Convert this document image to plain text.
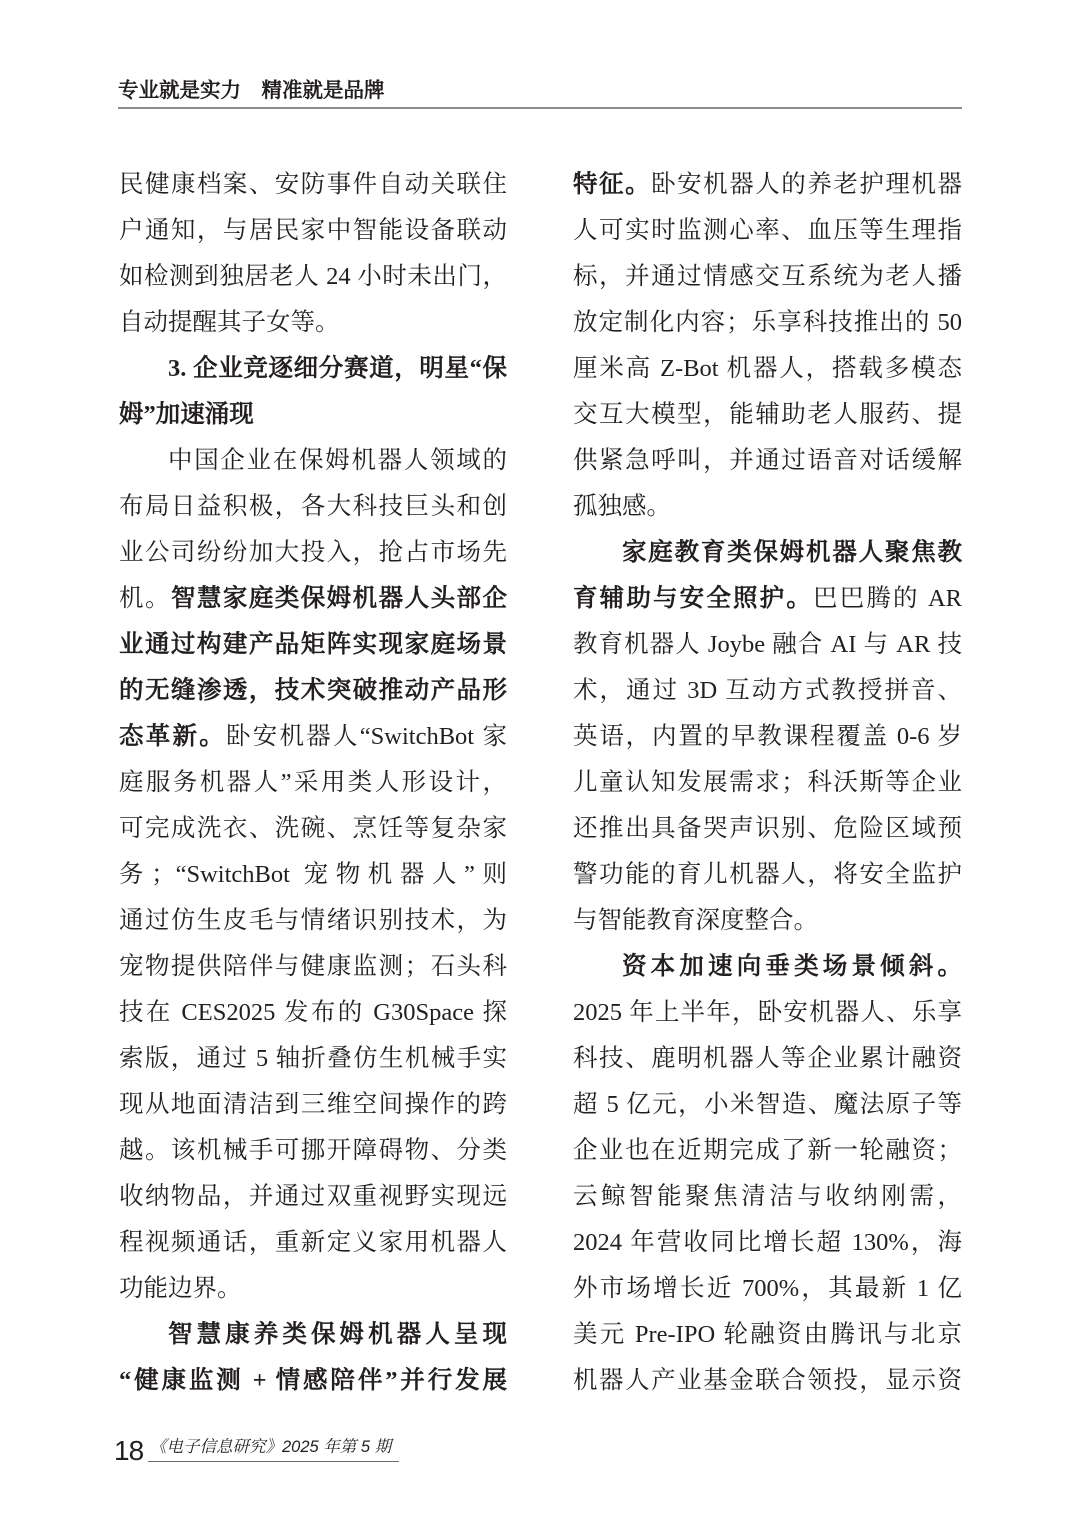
专业就是实力　精准就是品牌
民健康档案、安防事件自动关联住
户通知，与居民家中智能设备联动
如检测到独居老人 24 小时未出门，
自动提醒其子女等。
3. 企业竞逐细分赛道，明星“保
姆”加速涌现
中国企业在保姆机器人领域的
布局日益积极，各大科技巨头和创
业公司纷纷加大投入，抢占市场先
机。智慧家庭类保姆机器人头部企
业通过构建产品矩阵实现家庭场景
的无缝渗透，技术突破推动产品形
态革新。卧安机器人“SwitchBot 家
庭服务机器人”采用类人形设计，
可完成洗衣、洗碗、烹饪等复杂家
务；“SwitchBot 宠物机器人”则
通过仿生皮毛与情绪识别技术，为
宠物提供陪伴与健康监测；石头科
技在 CES2025 发布的 G30Space 探
索版，通过 5 轴折叠仿生机械手实
现从地面清洁到三维空间操作的跨
越。该机械手可挪开障碍物、分类
收纳物品，并通过双重视野实现远
程视频通话，重新定义家用机器人
功能边界。
智慧康养类保姆机器人呈现
“健康监测 + 情感陪伴”并行发展
特征。卧安机器人的养老护理机器
人可实时监测心率、血压等生理指
标，并通过情感交互系统为老人播
放定制化内容；乐享科技推出的 50
厘米高 Z-Bot 机器人，搭载多模态
交互大模型，能辅助老人服药、提
供紧急呼叫，并通过语音对话缓解
孤独感。
家庭教育类保姆机器人聚焦教
育辅助与安全照护。巴巴腾的 AR
教育机器人 Joybe 融合 AI 与 AR 技
术，通过 3D 互动方式教授拼音、
英语，内置的早教课程覆盖 0-6 岁
儿童认知发展需求；科沃斯等企业
还推出具备哭声识别、危险区域预
警功能的育儿机器人，将安全监护
与智能教育深度整合。
资本加速向垂类场景倾斜。
2025 年上半年，卧安机器人、乐享
科技、鹿明机器人等企业累计融资
超 5 亿元，小米智造、魔法原子等
企业也在近期完成了新一轮融资；
云鲸智能聚焦清洁与收纳刚需，
2024 年营收同比增长超 130%，海
外市场增长近 700%，其最新 1 亿
美元 Pre-IPO 轮融资由腾讯与北京
机器人产业基金联合领投，显示资
18 《电子信息研究》2025 年第 5 期
